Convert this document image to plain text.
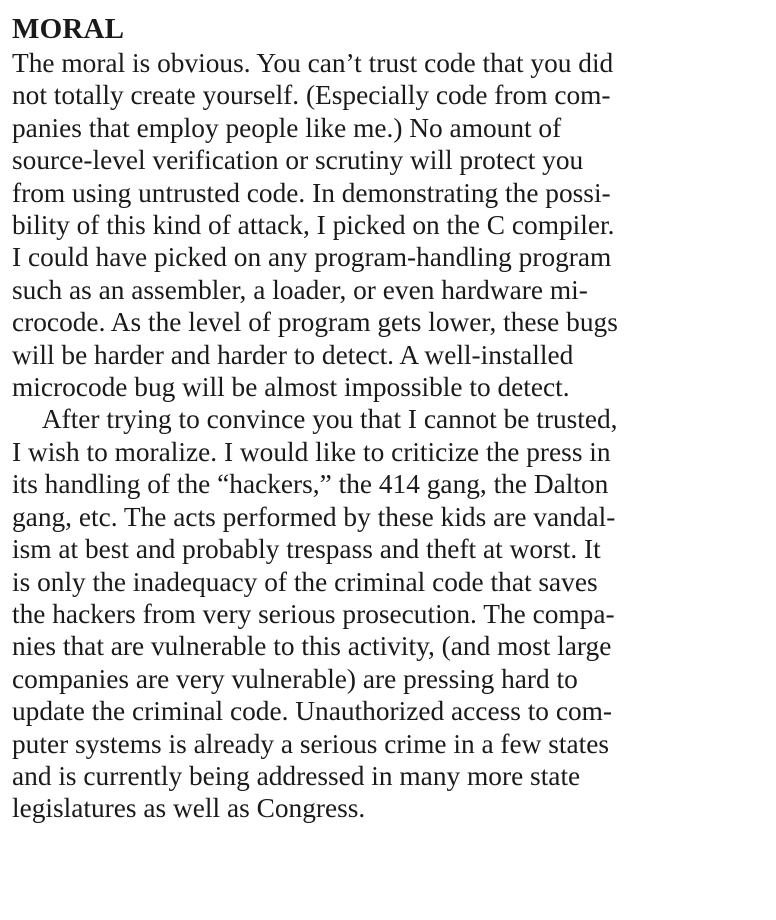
MORAL
The moral is obvious. You can’t trust code that you did
not totally create yourself. (Especially code from com-
panies that employ people like me.) No amount of
source-level verification or scrutiny will protect you
from using untrusted code. In demonstrating the possi-
bility of this kind of attack, I picked on the C compiler.
I could have picked on any program-handling program
such as an assembler, a loader, or even hardware mi-
crocode. As the level of program gets lower, these bugs
will be harder and harder to detect. A well-installed
microcode bug will be almost impossible to detect.
After trying to convince you that I cannot be trusted,
I wish to moralize. I would like to criticize the press in
its handling of the “hackers,” the 414 gang, the Dalton
gang, etc. The acts performed by these kids are vandal-
ism at best and probably trespass and theft at worst. It
is only the inadequacy of the criminal code that saves
the hackers from very serious prosecution. The compa-
nies that are vulnerable to this activity, (and most large
companies are very vulnerable) are pressing hard to
update the criminal code. Unauthorized access to com-
puter systems is already a serious crime in a few states
and is currently being addressed in many more state
legislatures as well as Congress.
